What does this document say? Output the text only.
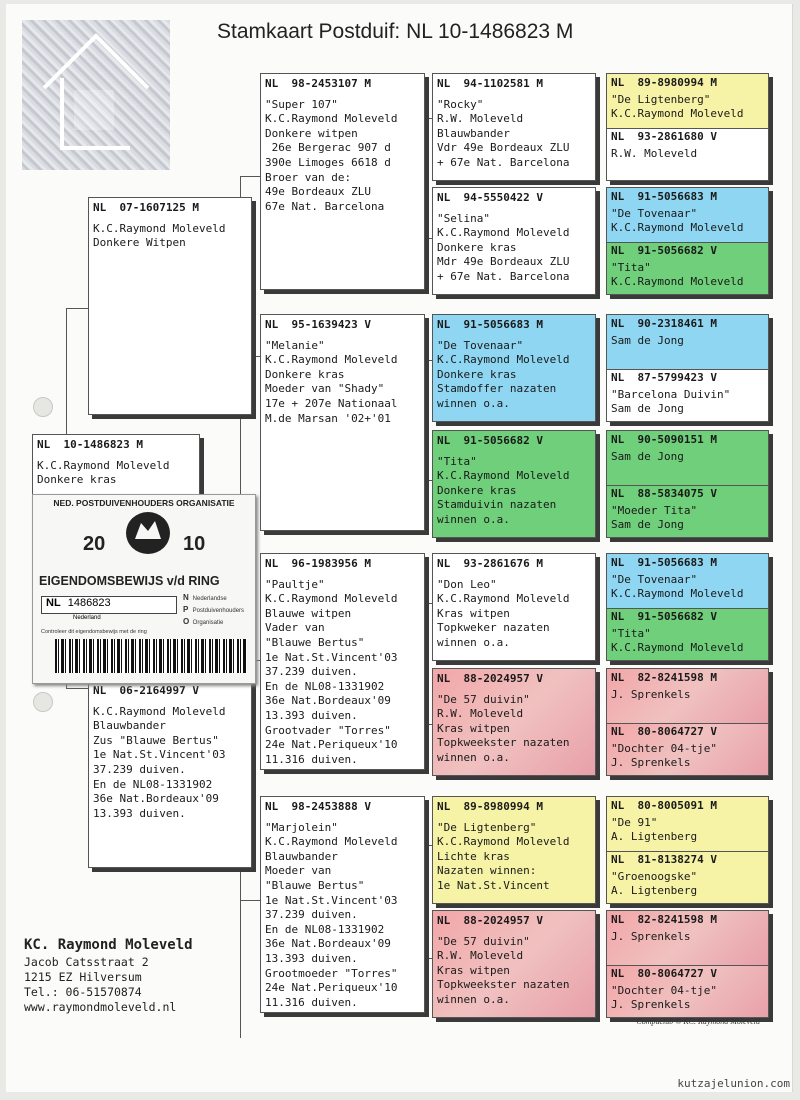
Stamkaart Postduif: NL 10-1486823 M
NL  10-1486823 M
K.C.Raymond Moleveld
Donkere kras
NL  07-1607125 M
K.C.Raymond Moleveld
Donkere Witpen
NL  06-2164997 V
K.C.Raymond Moleveld
Blauwbander
Zus "Blauwe Bertus"
1e Nat.St.Vincent'03
37.239 duiven.
En de NL08-1331902
36e Nat.Bordeaux'09
13.393 duiven.
NL  98-2453107 M
"Super 107"
K.C.Raymond Moleveld
Donkere witpen
26e Bergerac 907 d
390e Limoges 6618 d
Broer van de:
49e Bordeaux ZLU
67e Nat. Barcelona
NL  95-1639423 V
"Melanie"
K.C.Raymond Moleveld
Donkere kras
Moeder van "Shady"
17e + 207e Nationaal
M.de Marsan '02+'01
NL  96-1983956 M
"Paultje"
K.C.Raymond Moleveld
Blauwe witpen
Vader van
"Blauwe Bertus"
1e Nat.St.Vincent'03
37.239 duiven.
En de NL08-1331902
36e Nat.Bordeaux'09
13.393 duiven.
Grootvader "Torres"
24e Nat.Periqueux'10
11.316 duiven.
NL  98-2453888 V
"Marjolein"
K.C.Raymond Moleveld
Blauwbander
Moeder van
"Blauwe Bertus"
1e Nat.St.Vincent'03
37.239 duiven.
En de NL08-1331902
36e Nat.Bordeaux'09
13.393 duiven.
Grootmoeder "Torres"
24e Nat.Periqueux'10
11.316 duiven.
NL  94-1102581 M
"Rocky"
R.W. Moleveld
Blauwbander
Vdr 49e Bordeaux ZLU
+ 67e Nat. Barcelona
NL  94-5550422 V
"Selina"
K.C.Raymond Moleveld
Donkere kras
Mdr 49e Bordeaux ZLU
+ 67e Nat. Barcelona
NL  91-5056683 M
"De Tovenaar"
K.C.Raymond Moleveld
Donkere kras
Stamdoffer nazaten
winnen o.a.
NL  91-5056682 V
"Tita"
K.C.Raymond Moleveld
Donkere kras
Stamduivin nazaten
winnen o.a.
NL  93-2861676 M
"Don Leo"
K.C.Raymond Moleveld
Kras witpen
Topkweker nazaten
winnen o.a.
NL  88-2024957 V
"De 57 duivin"
R.W. Moleveld
Kras witpen
Topkweekster nazaten
winnen o.a.
NL  89-8980994 M
"De Ligtenberg"
K.C.Raymond Moleveld
Lichte kras
Nazaten winnen:
1e Nat.St.Vincent
NL  88-2024957 V
"De 57 duivin"
R.W. Moleveld
Kras witpen
Topkweekster nazaten
winnen o.a.
NL  89-8980994 M
"De Ligtenberg"
K.C.Raymond Moleveld
NL  93-2861680 V
R.W. Moleveld
NL  91-5056683 M
"De Tovenaar"
K.C.Raymond Moleveld
NL  91-5056682 V
"Tita"
K.C.Raymond Moleveld
NL  90-2318461 M
Sam de Jong
NL  87-5799423 V
"Barcelona Duivin"
Sam de Jong
NL  90-5090151 M
Sam de Jong
NL  88-5834075 V
"Moeder Tita"
Sam de Jong
NL  91-5056683 M
"De Tovenaar"
K.C.Raymond Moleveld
NL  91-5056682 V
"Tita"
K.C.Raymond Moleveld
NL  82-8241598 M
J. Sprenkels
NL  80-8064727 V
"Dochter 04-tje"
J. Sprenkels
NL  80-8005091 M
"De 91"
A. Ligtenberg
NL  81-8138274 V
"Groenoogske"
A. Ligtenberg
NL  82-8241598 M
J. Sprenkels
NL  80-8064727 V
"Dochter 04-tje"
J. Sprenkels
NED. POSTDUIVENHOUDERS ORGANISATIE
20	10
EIGENDOMSBEWIJS v/d RING
NL 1486823
Nederland
N Nederlandse
P Postduivenhouders
O Organisatie
Controleer dit eigendomsbewijs met de ring
KC. Raymond Moleveld
Jacob Catsstraat 2
1215 EZ Hilversum
Tel.: 06-51570874
www.raymondmoleveld.nl
Compuclub © KC. Raymond Moleveld
kutzajelunion.com
